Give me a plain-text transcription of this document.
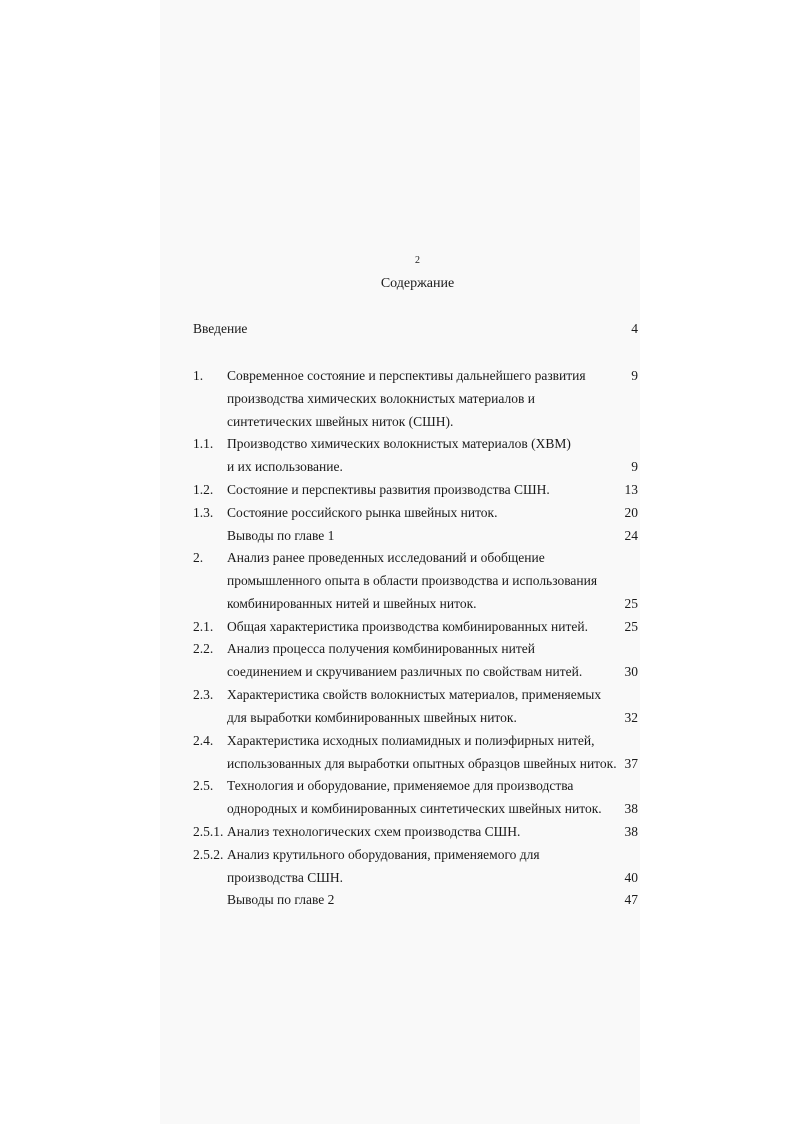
2
Содержание
Введение	4
1. Современное состояние и перспективы дальнейшего развития	9
производства химических волокнистых материалов и
синтетических швейных ниток (СШН).
1.1. Производство химических волокнистых материалов (ХВМ)
и их использование.	9
1.2. Состояние и перспективы развития производства СШН.	13
1.3. Состояние российского рынка швейных ниток.	20
Выводы по главе 1	24
2. Анализ ранее проведенных исследований и обобщение
промышленного опыта в области производства и использования
комбинированных нитей и швейных ниток.	25
2.1. Общая характеристика производства комбинированных нитей.	25
2.2. Анализ процесса получения комбинированных нитей
соединением и скручиванием различных по свойствам нитей.	30
2.3. Характеристика свойств волокнистых материалов, применяемых
для выработки комбинированных швейных ниток.	32
2.4. Характеристика исходных полиамидных и полиэфирных нитей,
использованных для выработки опытных образцов швейных ниток. 37
2.5. Технология и оборудование, применяемое для производства
однородных и комбинированных синтетических швейных ниток. 38
2.5.1. Анализ технологических схем производства СШН.	38
2.5.2. Анализ крутильного оборудования, применяемого для
производства СШН.	40
Выводы по главе 2	47
